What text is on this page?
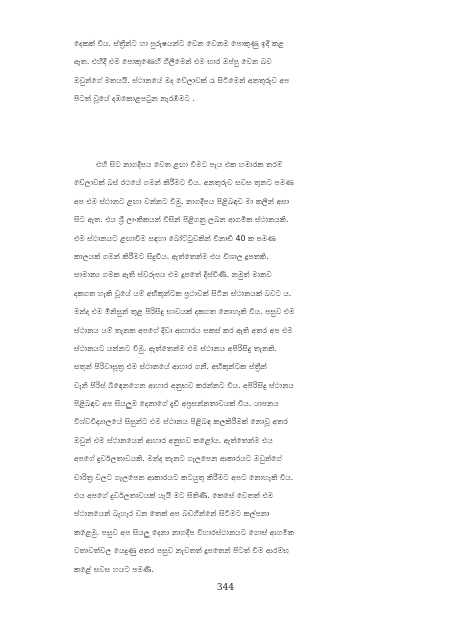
දෙකක් විය. ස්ත්‍රීන්ට හා පුරුෂයන්ට වෙන වෙනම පොකුණු ඉදි කළ
ඇත. එහිදී එම පොකුණෙහි ගිලීමෙන් එම භාර ඔප්පු වෙන බව
ඔවුන්ගේ මතයයි. ස්ථානයේ මද වේලාවක් රැ සිටීමෙන් අනතුරුව අප
පිටත් වූයේ දඹකොළපටුන නැරඹීමට .
එහි සිට නාගදීපය වෙත ළඟා වීමට පැය එක හමාරක තරම්
වේලාවක් බස් රථයේ ගමන් කිරීමට විය. අනතුරුව සවස තුනට පමණ
අප එම ස්ථානට ළඟා වන්නට වීමු. නාගදීපය පිළිබඳව මා කලින් අසා
සිට ඇත. එය ශ්‍රී ලාංකිකයන් විසින් පිළිගනු ලබන ආගමික ස්ථානයකි.
එම ස්ථානයට ළඟාවීම සඳහා බෝට්ටුවකින් විනාඩි 40 ක පමණ
කාලයක් ගමන් කිරීමට සිදුවිය. ඇත්තෙන්ම එය විශාල දූපතකි.
සාමාන්‍ය ගමක ඇති ස්වරූපය එම දූපතේ දිස්විණි. නමුත් මානව
දකගත හැකි වූයේ යම් අභිකුන්ටක ප්‍රථාවක් සිටින ස්ථානයක් බවට ය.
මන්ද එම මිනිසුන් තුළ පිරිසිදු භාවයක් දකගත නොහැකි විය. පසුව එම
ස්ථානය යම් තැනක අපගේ දිවා ආහාරය සකස් කර ඇති අතර අප එම
ස්ථානයට යන්නට වීමු. ඇත්තෙන්ම එම ස්ථානය අපිරිසිදු තැනකි.
සතුන් පිරිවාසූත්‍ර එම ස්ථානයේ ආහාර ගනී. අභිකුන්ටක ස්ත්‍රීන්
වැනි පිරිස් බිඳෙනගෙන ආහාර අනුභව කරන්නට විය. අපිරිසිදු ස්ථානය
පිළිබඳව අප සියලුම දෙනාගේ දැඩි අප්‍රසන්නතාවයක් විය. යාපනය
විශ්වවිද්‍යාලයේ සිසුන්ට එම ස්ථානය පිළිබඳ කලකිරීමක් නොවූ අතර
ඔවුන් එම ස්ථානයෙන් ආහාර අනුභව කළෝය. ඇත්තෙන්ම එය
අපගේ දුර්වලතාවයකි. මන්ද තැනට ගැලපෙන ආකාරයට ඔවුන්ගේ
චාරිත්‍ර වලට ගැලපෙන ආකාරයට කටයුතු කිරීමට අපට නොහැකි විය.
එය අපගේ දුර්වලතාවයක් යැයි මට සිතිණි. කෙසේ වෙතත් එම
ස්ථානයෙන් බැහැර වන තෙක් අප බඩගින්නේ සිටීමට කල්පනා
කළෙමු. පසුව අප සියලු දෙනා නාගදීප විහාරස්ථානයට ගොස් ආගමික
වතාවත්වල යෙදුණු අතර පසුව නැවතත් දූපතෙන් පිටත් වීම ආරම්භ
කළේ සවස හයට පමණි.
344
